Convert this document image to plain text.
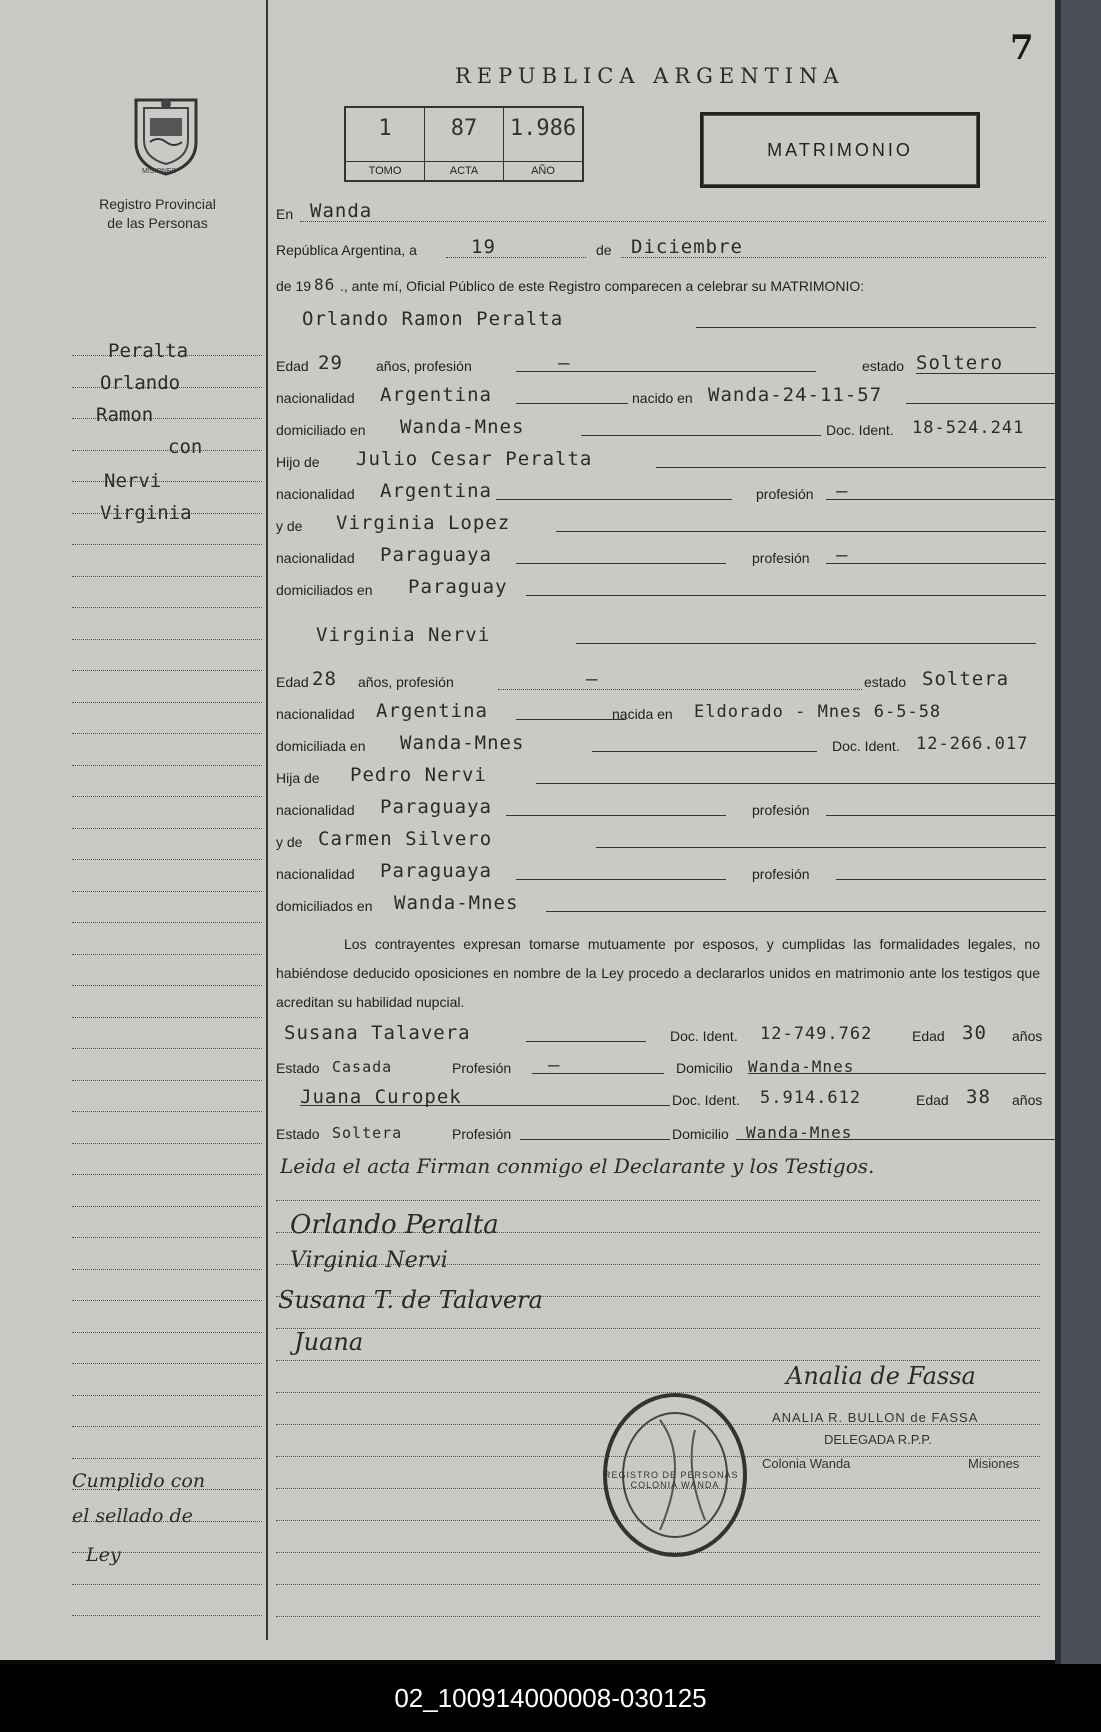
7
REPUBLICA ARGENTINA
MISIONES
Registro Provincial
de las Personas
1
TOMO
87
ACTA
1.986
AÑO
MATRIMONIO
Peralta
Orlando
Ramon
con
Nervi
Virginia
Cumplido con
el sellado de
Ley
En Wanda
República Argentina, a	19	de Diciembre
de 19 86 ., ante mí, Oficial Público de este Registro comparecen a celebrar su MATRIMONIO:
Orlando Ramon Peralta
Edad 29 años, profesión	—	estado Soltero
nacionalidad Argentina	nacido en Wanda-24-11-57
domiciliado en Wanda-Mnes	Doc. Ident. 18-524.241
Hijo de Julio Cesar Peralta
nacionalidad Argentina	profesión —
y de Virginia Lopez
nacionalidad Paraguaya	profesión —
domiciliados en Paraguay
Virginia Nervi
Edad 28 años, profesión	—	estado Soltera
nacionalidad Argentina	nacida en Eldorado - Mnes 6-5-58
domiciliada en Wanda-Mnes	Doc. Ident. 12-266.017
Hija de Pedro Nervi
nacionalidad Paraguaya	profesión
y de Carmen Silvero
nacionalidad Paraguaya	profesión
domiciliados en Wanda-Mnes
Los contrayentes expresan tomarse mutuamente por esposos, y cumplidas las formalidades legales, no habiéndose deducido oposiciones en nombre de la Ley procedo a declararlos unidos en matrimonio ante los testigos que acreditan su habilidad nupcial.
Susana Talavera	Doc. Ident. 12-749.762	Edad 30 años
Estado Casada	Profesión —	Domicilio Wanda-Mnes
Juana Curopek	Doc. Ident. 5.914.612	Edad 38 años
Estado Soltera	Profesión	Domicilio Wanda-Mnes
Leida el acta Firman conmigo el Declarante y los Testigos.
Orlando Peralta
Virginia Nervi
Susana T. de Talavera
Juana
Analia de Fassa
ANALIA R. BULLON de FASSA
DELEGADA R.P.P.
Colonia Wanda	Misiones
REGISTRO DE PERSONAS · COLONIA WANDA
02_100914000008-030125
